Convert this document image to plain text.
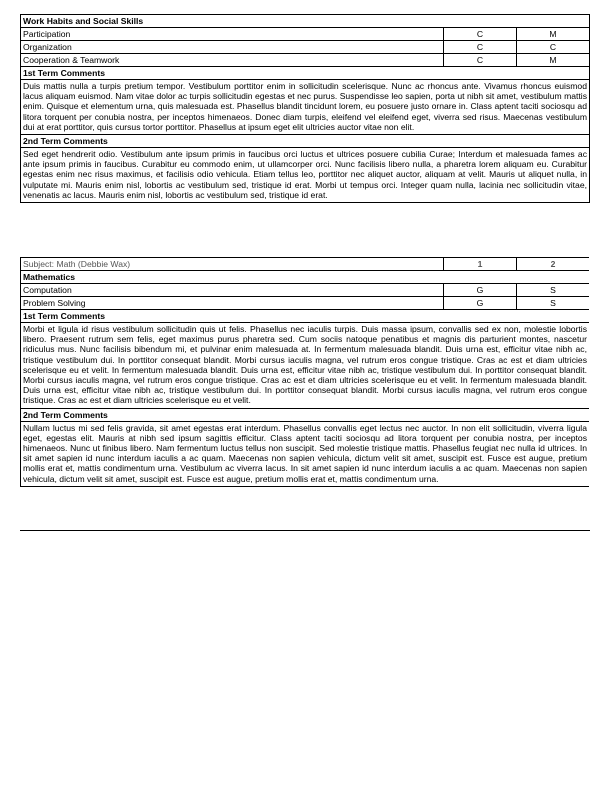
Work Habits and Social Skills		
Participation	C	M
Organization	C	C
Cooperation & Teamwork	C	M
1st Term Comments		
Duis mattis nulla a turpis pretium tempor. Vestibulum porttitor enim in sollicitudin scelerisque. Nunc ac rhoncus ante. Vivamus rhoncus euismod lacus aliquam euismod. Nam vitae dolor ac turpis sollicitudin egestas et nec purus. Suspendisse leo sapien, porta ut nibh sit amet, vestibulum mattis enim. Quisque et elementum urna, quis malesuada est. Phasellus blandit tincidunt lorem, eu posuere justo ornare in. Class aptent taciti sociosqu ad litora torquent per conubia nostra, per inceptos himenaeos. Donec diam turpis, eleifend vel eleifend eget, viverra sed risus. Maecenas vestibulum dui at erat porttitor, quis cursus tortor porttitor. Phasellus at ipsum eget elit ultricies auctor vitae non elit.		
2nd Term Comments		
Sed eget hendrerit odio. Vestibulum ante ipsum primis in faucibus orci luctus et ultrices posuere cubilia Curae; Interdum et malesuada fames ac ante ipsum primis in faucibus. Curabitur eu commodo enim, ut ullamcorper orci. Nunc facilisis libero nulla, a pharetra lorem aliquam eu. Curabitur egestas enim nec risus maximus, et facilisis odio vehicula. Etiam tellus leo, porttitor nec aliquet auctor, aliquam at velit. Mauris ut aliquet nulla, in vulputate mi. Mauris enim nisl, lobortis ac vestibulum sed, tristique id erat. Morbi ut tempus orci. Integer quam nulla, lacinia nec sollicitudin vitae, venenatis ac lacus. Mauris enim nisl, lobortis ac vestibulum sed, tristique id erat.		
Subject: Math (Debbie Wax)	1	2
Mathematics		
Computation	G	S
Problem Solving	G	S
1st Term Comments		
Morbi et ligula id risus vestibulum sollicitudin quis ut felis. Phasellus nec iaculis turpis. Duis massa ipsum, convallis sed ex non, molestie lobortis libero. Praesent rutrum sem felis, eget maximus purus pharetra sed. Cum sociis natoque penatibus et magnis dis parturient montes, nascetur ridiculus mus. Nunc facilisis bibendum mi, et pulvinar enim malesuada at. In fermentum malesuada blandit. Duis urna est, efficitur vitae nibh ac, tristique vestibulum dui. In porttitor consequat blandit. Morbi cursus iaculis magna, vel rutrum eros congue tristique. Cras ac est et diam ultricies scelerisque eu et velit. In fermentum malesuada blandit. Duis urna est, efficitur vitae nibh ac, tristique vestibulum dui. In porttitor consequat blandit. Morbi cursus iaculis magna, vel rutrum eros congue tristique. Cras ac est et diam ultricies scelerisque eu et velit. In fermentum malesuada blandit. Duis urna est, efficitur vitae nibh ac, tristique vestibulum dui. In porttitor consequat blandit. Morbi cursus iaculis magna, vel rutrum eros congue tristique. Cras ac est et diam ultricies scelerisque eu et velit.		
2nd Term Comments		
Nullam luctus mi sed felis gravida, sit amet egestas erat interdum. Phasellus convallis eget lectus nec auctor. In non elit sollicitudin, viverra ligula eget, egestas elit. Mauris at nibh sed ipsum sagittis efficitur. Class aptent taciti sociosqu ad litora torquent per conubia nostra, per inceptos himenaeos. Nunc ut finibus libero. Nam fermentum luctus tellus non suscipit. Sed molestie tristique mattis. Phasellus feugiat nec nulla id ultrices. In sit amet sapien id nunc interdum iaculis a ac quam. Maecenas non sapien vehicula, dictum velit sit amet, suscipit est. Fusce est augue, pretium mollis erat et, mattis condimentum urna. Vestibulum ac viverra lacus. In sit amet sapien id nunc interdum iaculis a ac quam. Maecenas non sapien vehicula, dictum velit sit amet, suscipit est. Fusce est augue, pretium mollis erat et, mattis condimentum urna.		
